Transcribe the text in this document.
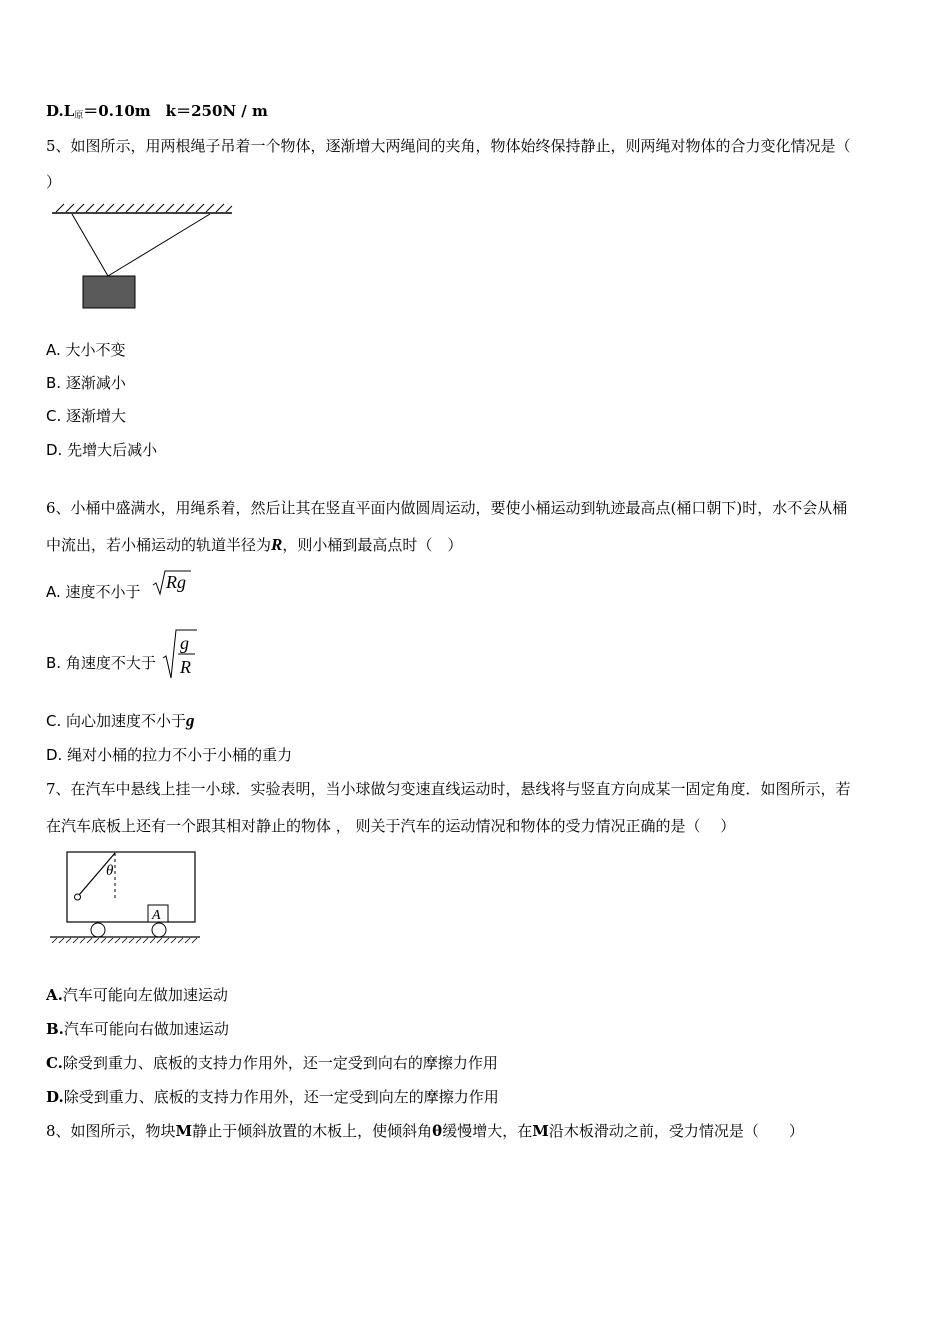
$D.L_原=0.10m$　k＝250N / m
5、如图所示，用两根绳子吊着一个物体，逐渐增大两绳间的夹角，物体始终保持静止，则两绳对物体的合力变化情况是（
）
A. 大小不变
B. 逐渐减小
C. 逐渐增大
D. 先增大后减小
6、小桶中盛满水，用绳系着，然后让其在竖直平面内做圆周运动，要使小桶运动到轨迹最高点(桶口朝下)时，水不会从桶
中流出，若小桶运动的轨道半径为R，则小桶到最高点时（　）
A. 速度不小于 Rg
B. 角速度不大于
g
R
C. 向心加速度不小于g
D. 绳对小桶的拉力不小于小桶的重力
7、在汽车中悬线上挂一小球．实验表明，当小球做匀变速直线运动时，悬线将与竖直方向成某一固定角度．如图所示，若
在汽车底板上还有一个跟其相对静止的物体 ， 则关于汽车的运动情况和物体的受力情况正确的是（　 ）
θ
A
A.汽车可能向左做加速运动
B.汽车可能向右做加速运动
C.除受到重力、底板的支持力作用外，还一定受到向右的摩擦力作用
D.除受到重力、底板的支持力作用外，还一定受到向左的摩擦力作用
8、如图所示，物块M静止于倾斜放置的木板上，使倾斜角θ缓慢增大，在M沿木板滑动之前，受力情况是（　　）
